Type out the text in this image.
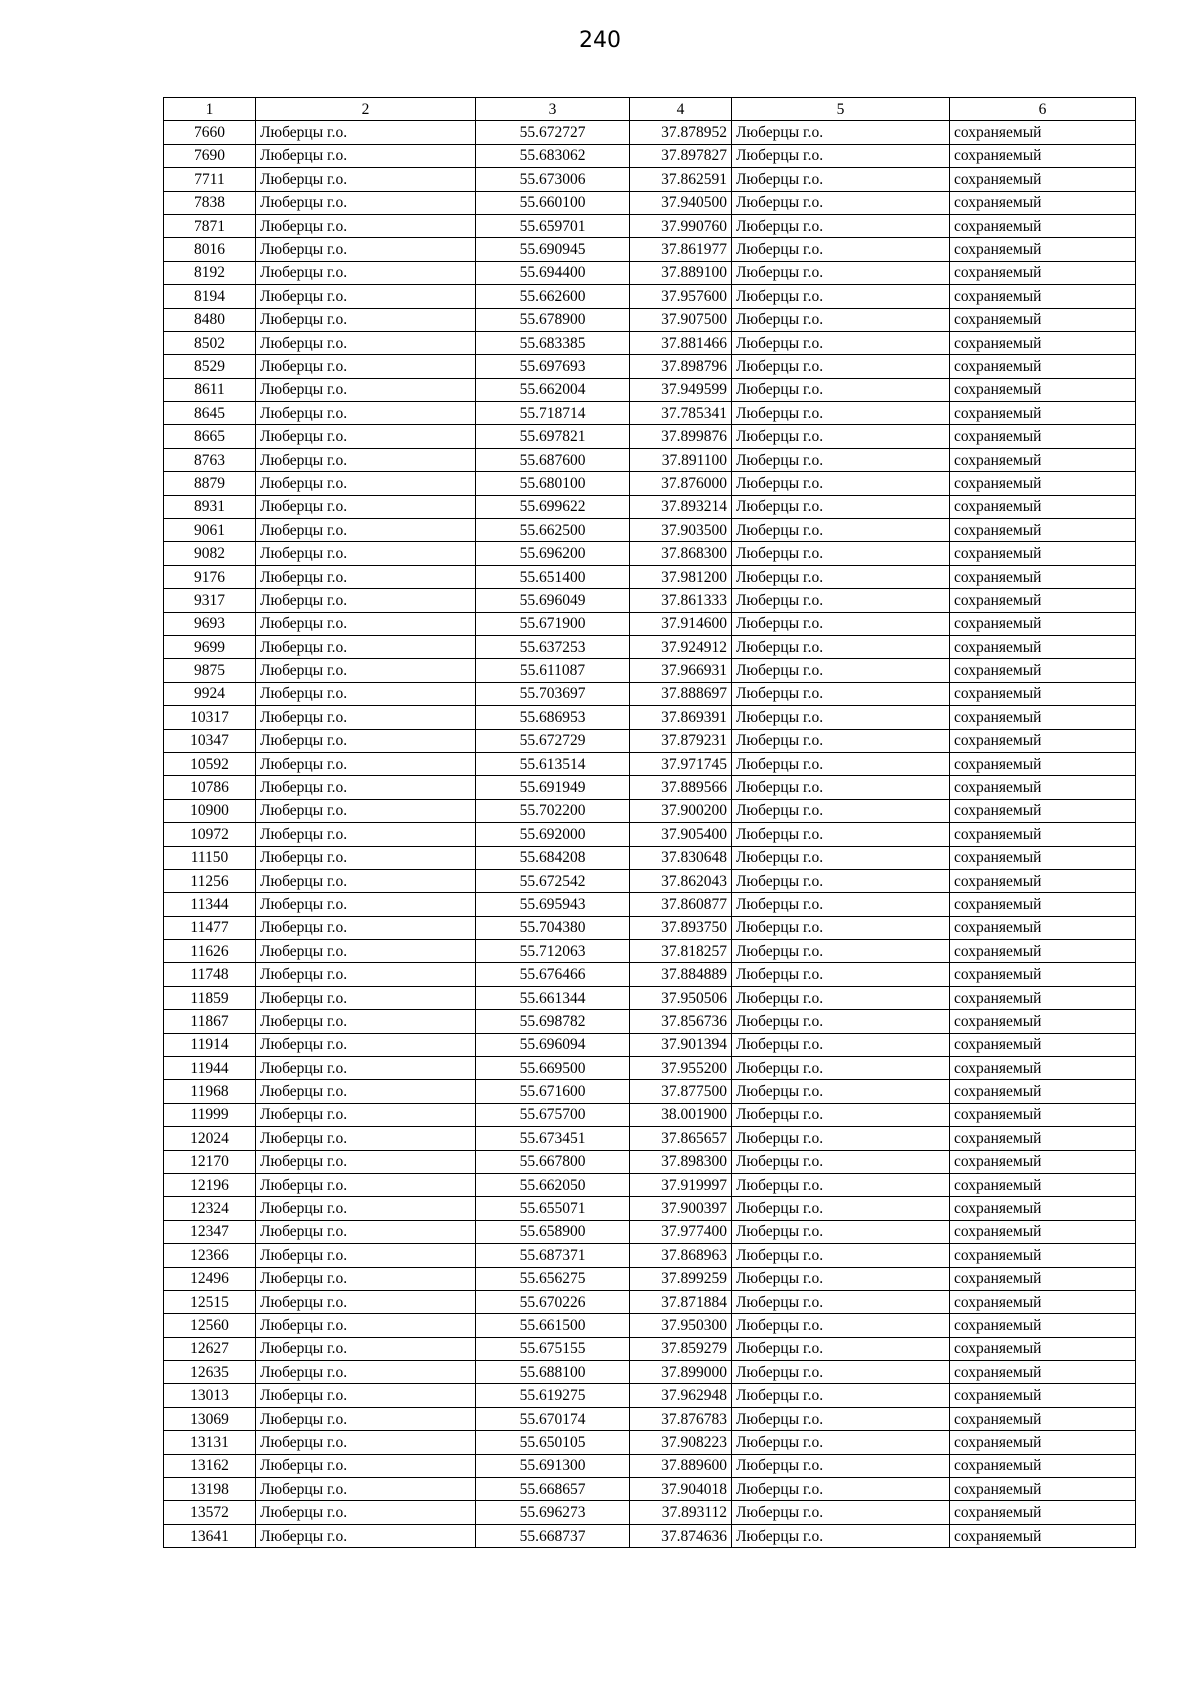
240
1	2	3	4	5	6
7660	Люберцы г.о.	55.672727	37.878952	Люберцы г.о.	сохраняемый
7690	Люберцы г.о.	55.683062	37.897827	Люберцы г.о.	сохраняемый
7711	Люберцы г.о.	55.673006	37.862591	Люберцы г.о.	сохраняемый
7838	Люберцы г.о.	55.660100	37.940500	Люберцы г.о.	сохраняемый
7871	Люберцы г.о.	55.659701	37.990760	Люберцы г.о.	сохраняемый
8016	Люберцы г.о.	55.690945	37.861977	Люберцы г.о.	сохраняемый
8192	Люберцы г.о.	55.694400	37.889100	Люберцы г.о.	сохраняемый
8194	Люберцы г.о.	55.662600	37.957600	Люберцы г.о.	сохраняемый
8480	Люберцы г.о.	55.678900	37.907500	Люберцы г.о.	сохраняемый
8502	Люберцы г.о.	55.683385	37.881466	Люберцы г.о.	сохраняемый
8529	Люберцы г.о.	55.697693	37.898796	Люберцы г.о.	сохраняемый
8611	Люберцы г.о.	55.662004	37.949599	Люберцы г.о.	сохраняемый
8645	Люберцы г.о.	55.718714	37.785341	Люберцы г.о.	сохраняемый
8665	Люберцы г.о.	55.697821	37.899876	Люберцы г.о.	сохраняемый
8763	Люберцы г.о.	55.687600	37.891100	Люберцы г.о.	сохраняемый
8879	Люберцы г.о.	55.680100	37.876000	Люберцы г.о.	сохраняемый
8931	Люберцы г.о.	55.699622	37.893214	Люберцы г.о.	сохраняемый
9061	Люберцы г.о.	55.662500	37.903500	Люберцы г.о.	сохраняемый
9082	Люберцы г.о.	55.696200	37.868300	Люберцы г.о.	сохраняемый
9176	Люберцы г.о.	55.651400	37.981200	Люберцы г.о.	сохраняемый
9317	Люберцы г.о.	55.696049	37.861333	Люберцы г.о.	сохраняемый
9693	Люберцы г.о.	55.671900	37.914600	Люберцы г.о.	сохраняемый
9699	Люберцы г.о.	55.637253	37.924912	Люберцы г.о.	сохраняемый
9875	Люберцы г.о.	55.611087	37.966931	Люберцы г.о.	сохраняемый
9924	Люберцы г.о.	55.703697	37.888697	Люберцы г.о.	сохраняемый
10317	Люберцы г.о.	55.686953	37.869391	Люберцы г.о.	сохраняемый
10347	Люберцы г.о.	55.672729	37.879231	Люберцы г.о.	сохраняемый
10592	Люберцы г.о.	55.613514	37.971745	Люберцы г.о.	сохраняемый
10786	Люберцы г.о.	55.691949	37.889566	Люберцы г.о.	сохраняемый
10900	Люберцы г.о.	55.702200	37.900200	Люберцы г.о.	сохраняемый
10972	Люберцы г.о.	55.692000	37.905400	Люберцы г.о.	сохраняемый
11150	Люберцы г.о.	55.684208	37.830648	Люберцы г.о.	сохраняемый
11256	Люберцы г.о.	55.672542	37.862043	Люберцы г.о.	сохраняемый
11344	Люберцы г.о.	55.695943	37.860877	Люберцы г.о.	сохраняемый
11477	Люберцы г.о.	55.704380	37.893750	Люберцы г.о.	сохраняемый
11626	Люберцы г.о.	55.712063	37.818257	Люберцы г.о.	сохраняемый
11748	Люберцы г.о.	55.676466	37.884889	Люберцы г.о.	сохраняемый
11859	Люберцы г.о.	55.661344	37.950506	Люберцы г.о.	сохраняемый
11867	Люберцы г.о.	55.698782	37.856736	Люберцы г.о.	сохраняемый
11914	Люберцы г.о.	55.696094	37.901394	Люберцы г.о.	сохраняемый
11944	Люберцы г.о.	55.669500	37.955200	Люберцы г.о.	сохраняемый
11968	Люберцы г.о.	55.671600	37.877500	Люберцы г.о.	сохраняемый
11999	Люберцы г.о.	55.675700	38.001900	Люберцы г.о.	сохраняемый
12024	Люберцы г.о.	55.673451	37.865657	Люберцы г.о.	сохраняемый
12170	Люберцы г.о.	55.667800	37.898300	Люберцы г.о.	сохраняемый
12196	Люберцы г.о.	55.662050	37.919997	Люберцы г.о.	сохраняемый
12324	Люберцы г.о.	55.655071	37.900397	Люберцы г.о.	сохраняемый
12347	Люберцы г.о.	55.658900	37.977400	Люберцы г.о.	сохраняемый
12366	Люберцы г.о.	55.687371	37.868963	Люберцы г.о.	сохраняемый
12496	Люберцы г.о.	55.656275	37.899259	Люберцы г.о.	сохраняемый
12515	Люберцы г.о.	55.670226	37.871884	Люберцы г.о.	сохраняемый
12560	Люберцы г.о.	55.661500	37.950300	Люберцы г.о.	сохраняемый
12627	Люберцы г.о.	55.675155	37.859279	Люберцы г.о.	сохраняемый
12635	Люберцы г.о.	55.688100	37.899000	Люберцы г.о.	сохраняемый
13013	Люберцы г.о.	55.619275	37.962948	Люберцы г.о.	сохраняемый
13069	Люберцы г.о.	55.670174	37.876783	Люберцы г.о.	сохраняемый
13131	Люберцы г.о.	55.650105	37.908223	Люберцы г.о.	сохраняемый
13162	Люберцы г.о.	55.691300	37.889600	Люберцы г.о.	сохраняемый
13198	Люберцы г.о.	55.668657	37.904018	Люберцы г.о.	сохраняемый
13572	Люберцы г.о.	55.696273	37.893112	Люберцы г.о.	сохраняемый
13641	Люберцы г.о.	55.668737	37.874636	Люберцы г.о.	сохраняемый
